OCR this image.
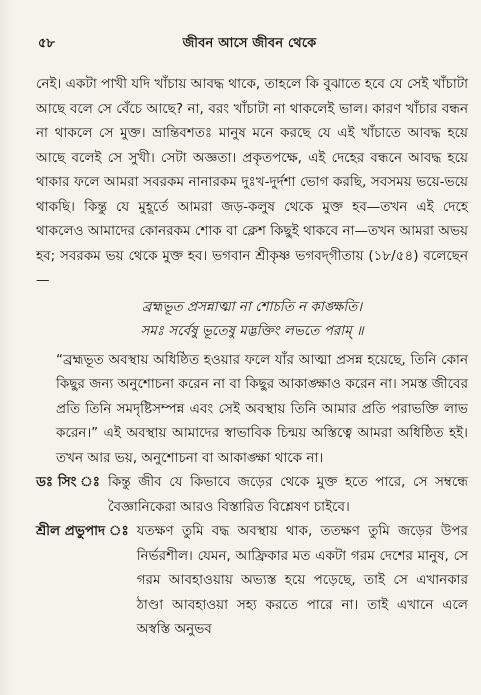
৫৮	জীবন আসে জীবন থেকে

নেই। একটা পাখী যদি খাঁচায় আবদ্ধ থাকে, তাহলে কি বুঝাতে হবে যে সেই খাঁচাটা আছে বলে সে বেঁচে আছে? না, বরং খাঁচাটা না থাকলেই ভাল। কারণ খাঁচার বন্ধন না থাকলে সে মুক্ত। ভ্রান্তিবশতঃ মানুষ মনে করছে যে এই খাঁচাতে আবদ্ধ হয়ে আছে বলেই সে সুখী। সেটা অজ্ঞতা। প্রকৃতপক্ষে, এই দেহের বন্ধনে আবদ্ধ হয়ে থাকার ফলে আমরা সবরকম নানারকম দুঃখ-দুর্দশা ভোগ করছি, সবসময় ভয়ে-ভয়ে থাকছি। কিন্তু যে মুহূর্তে আমরা জড়-কলুষ থেকে মুক্ত হব—তখন এই দেহে থাকলেও আমাদের কোনরকম শোক বা ক্লেশ কিছুই থাকবে না—তখন আমরা অভয় হব; সবরকম ভয় থেকে মুক্ত হব। ভগবান শ্রীকৃষ্ণ ভগবদ্‌গীতায় (১৮/৫৪) বলেছেন—

ব্রহ্মভূত প্রসন্নাত্মা না শোচতি ন কাঙ্ক্ষতি।
সমঃ সর্বেষু ভূতেষু মদ্ভক্তিং লভতে পরাম্‌ ॥

“ব্রহ্মভূত অবস্থায় অধিষ্ঠিত হওয়ার ফলে যাঁর আত্মা প্রসন্ন হয়েছে, তিনি কোন কিছুর জন্য অনুশোচনা করেন না বা কিছুর আকাঙ্ক্ষাও করেন না। সমস্ত জীবের প্রতি তিনি সমদৃষ্টিসম্পন্ন এবং সেই অবস্থায় তিনি আমার প্রতি পরাভক্তি লাভ করেন।” এই অবস্থায় আমাদের স্বাভাবিক চিন্ময় অস্তিত্বে আমরা অধিষ্ঠিত হই। তখন আর ভয়, অনুশোচনা বা আকাঙ্ক্ষা থাকে না।

ডঃ সিং ঃ কিন্তু জীব যে কিভাবে জড়ের থেকে মুক্ত হতে পারে, সে সম্বন্ধে বৈজ্ঞানিকেরা আরও বিস্তারিত বিশ্লেষণ চাইবে।
শ্রীল প্রভুপাদ ঃ যতক্ষণ তুমি বদ্ধ অবস্থায় থাক, ততক্ষণ তুমি জড়ের উপর নির্ভরশীল। যেমন, আফ্রিকার মত একটা গরম দেশের মানুষ, সে গরম আবহাওয়ায় অভ্যস্ত হয়ে পড়েছে, তাই সে এখানকার ঠাণ্ডা আবহাওয়া সহ্য করতে পারে না। তাই এখানে এলে অস্বস্তি অনুভব
